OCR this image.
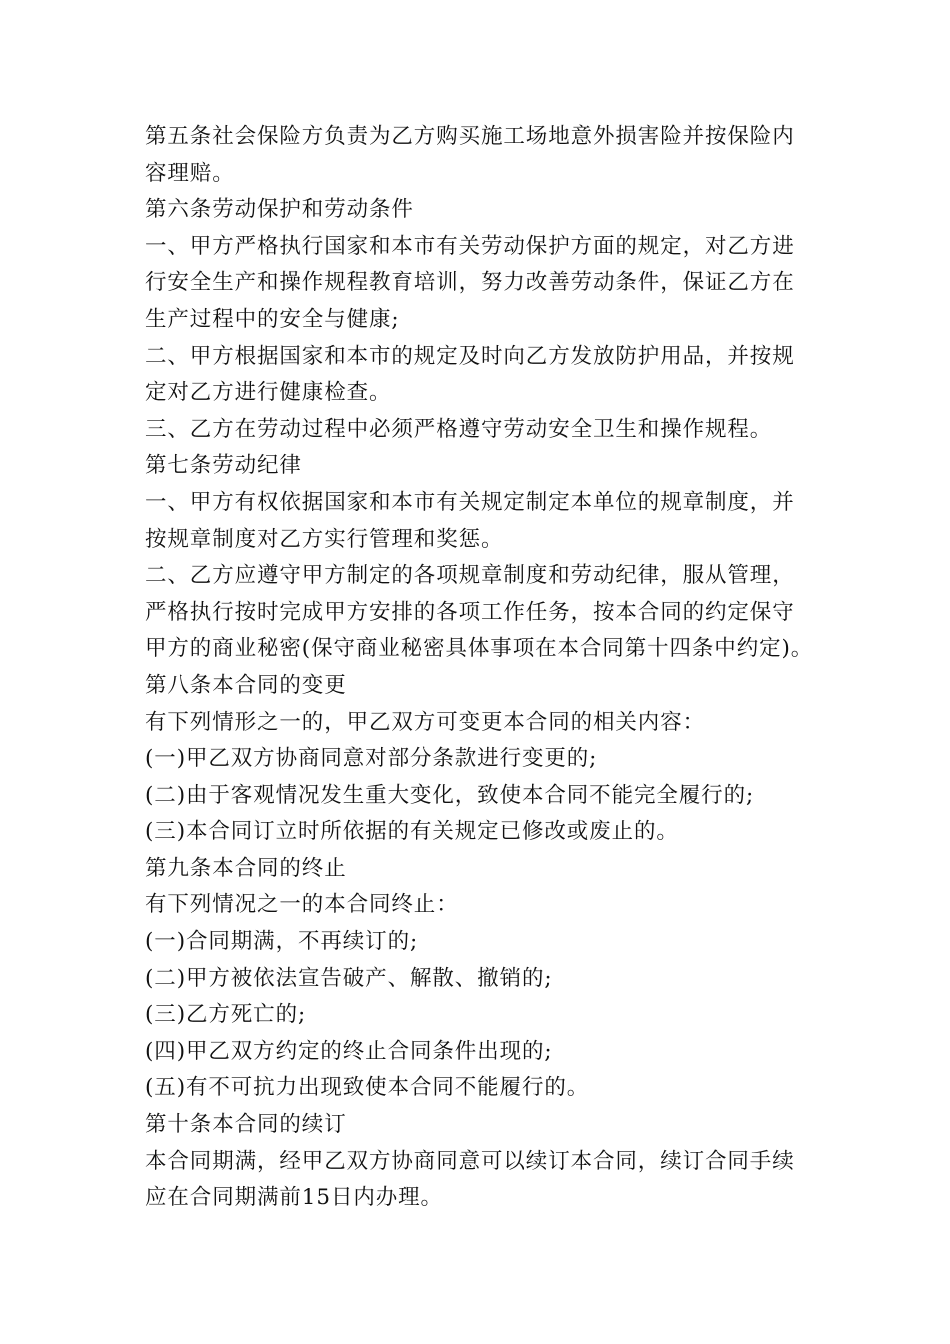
第五条社会保险方负责为乙方购买施工场地意外损害险并按保险内

容理赔。

第六条劳动保护和劳动条件

一、甲方严格执行国家和本市有关劳动保护方面的规定，对乙方进

行安全生产和操作规程教育培训，努力改善劳动条件，保证乙方在

生产过程中的安全与健康;

二、甲方根据国家和本市的规定及时向乙方发放防护用品，并按规

定对乙方进行健康检查。

三、乙方在劳动过程中必须严格遵守劳动安全卫生和操作规程。

第七条劳动纪律

一、甲方有权依据国家和本市有关规定制定本单位的规章制度，并

按规章制度对乙方实行管理和奖惩。

二、乙方应遵守甲方制定的各项规章制度和劳动纪律，服从管理，

严格执行按时完成甲方安排的各项工作任务，按本合同的约定保守

甲方的商业秘密(保守商业秘密具体事项在本合同第十四条中约定)。

第八条本合同的变更

有下列情形之一的，甲乙双方可变更本合同的相关内容：

(一)甲乙双方协商同意对部分条款进行变更的;

(二)由于客观情况发生重大变化，致使本合同不能完全履行的;

(三)本合同订立时所依据的有关规定已修改或废止的。

第九条本合同的终止

有下列情况之一的本合同终止：

(一)合同期满，不再续订的;

(二)甲方被依法宣告破产、解散、撤销的;

(三)乙方死亡的;

(四)甲乙双方约定的终止合同条件出现的;

(五)有不可抗力出现致使本合同不能履行的。

第十条本合同的续订

本合同期满，经甲乙双方协商同意可以续订本合同，续订合同手续

应在合同期满前15日内办理。
